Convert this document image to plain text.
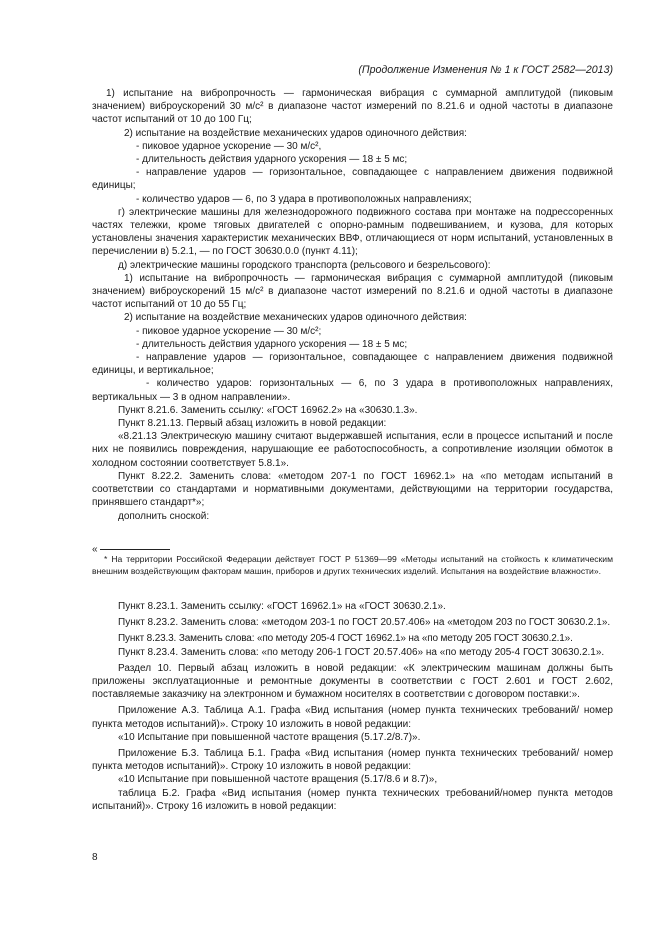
(Продолжение Изменения № 1 к ГОСТ 2582—2013)

1) испытание на вибропрочность — гармоническая вибрация с суммарной амплитудой (пиковым значением) виброускорений 30 м/с² в диапазоне частот измерений по 8.21.6 и одной частоты в диапазоне частот испытаний от 10 до 100 Гц;

2) испытание на воздействие механических ударов одиночного действия:

- пиковое ударное ускорение — 30 м/с²,

- длительность действия ударного ускорения — 18 ± 5 мс;

- направление ударов — горизонтальное, совпадающее с направлением движения подвижной единицы;

- количество ударов — 6, по 3 удара в противоположных направлениях;

г) электрические машины для железнодорожного подвижного состава при монтаже на подрессоренных частях тележки, кроме тяговых двигателей с опорно-рамным подвешиванием, и кузова, для которых установлены значения характеристик механических ВВФ, отличающиеся от норм испытаний, установленных в перечислении в) 5.2.1, — по ГОСТ 30630.0.0 (пункт 4.11);

д) электрические машины городского транспорта (рельсового и безрельсового):

1) испытание на вибропрочность — гармоническая вибрация с суммарной амплитудой (пиковым значением) виброускорений 15 м/с² в диапазоне частот измерений по 8.21.6 и одной частоты в диапазоне частот испытаний от 10 до 55 Гц;

2) испытание на воздействие механических ударов одиночного действия:

- пиковое ударное ускорение — 30 м/с²;

- длительность действия ударного ускорения — 18 ± 5 мс;

- направление ударов — горизонтальное, совпадающее с направлением движения подвижной единицы, и вертикальное;

- количество ударов: горизонтальных — 6, по 3 удара в противоположных направлениях, вертикальных — 3 в одном направлении».

Пункт 8.21.6. Заменить ссылку: «ГОСТ 16962.2» на «30630.1.3».

Пункт 8.21.13. Первый абзац изложить в новой редакции:

«8.21.13 Электрическую машину считают выдержавшей испытания, если в процессе испытаний и после них не появились повреждения, нарушающие ее работоспособность, а сопротивление изоляции обмоток в холодном состоянии соответствует 5.8.1».

Пункт 8.22.2. Заменить слова: «методом 207-1 по ГОСТ 16962.1» на «по методам испытаний в соответствии со стандартами и нормативными документами, действующими на территории государства, принявшего стандарт*»;

дополнить сноской:

«

* На территории Российской Федерации действует ГОСТ Р 51369—99 «Методы испытаний на стойкость к климатическим внешним воздействующим факторам машин, приборов и других технических изделий. Испытания на воздействие влажности».

Пункт 8.23.1. Заменить ссылку: «ГОСТ 16962.1» на «ГОСТ 30630.2.1».

Пункт 8.23.2. Заменить слова: «методом 203-1 по ГОСТ 20.57.406» на «методом 203 по ГОСТ 30630.2.1».

Пункт 8.23.3. Заменить слова: «по методу 205-4 ГОСТ 16962.1» на «по методу 205 ГОСТ 30630.2.1».

Пункт 8.23.4. Заменить слова: «по методу 206-1 ГОСТ 20.57.406» на «по методу 205-4 ГОСТ 30630.2.1».

Раздел 10. Первый абзац изложить в новой редакции: «К электрическим машинам должны быть приложены эксплуатационные и ремонтные документы в соответствии с ГОСТ 2.601 и ГОСТ 2.602, поставляемые заказчику на электронном и бумажном носителях в соответствии с договором поставки:».

Приложение А.3. Таблица А.1. Графа «Вид испытания (номер пункта технических требований/ номер пункта методов испытаний)». Строку 10 изложить в новой редакции:

«10 Испытание при повышенной частоте вращения (5.17.2/8.7)».

Приложение Б.3. Таблица Б.1. Графа «Вид испытания (номер пункта технических требований/ номер пункта методов испытаний)». Строку 10 изложить в новой редакции:

«10 Испытание при повышенной частоте вращения (5.17/8.6 и 8.7)»,

таблица Б.2. Графа «Вид испытания (номер пункта технических требований/номер пункта методов испытаний)». Строку 16 изложить в новой редакции:

8
